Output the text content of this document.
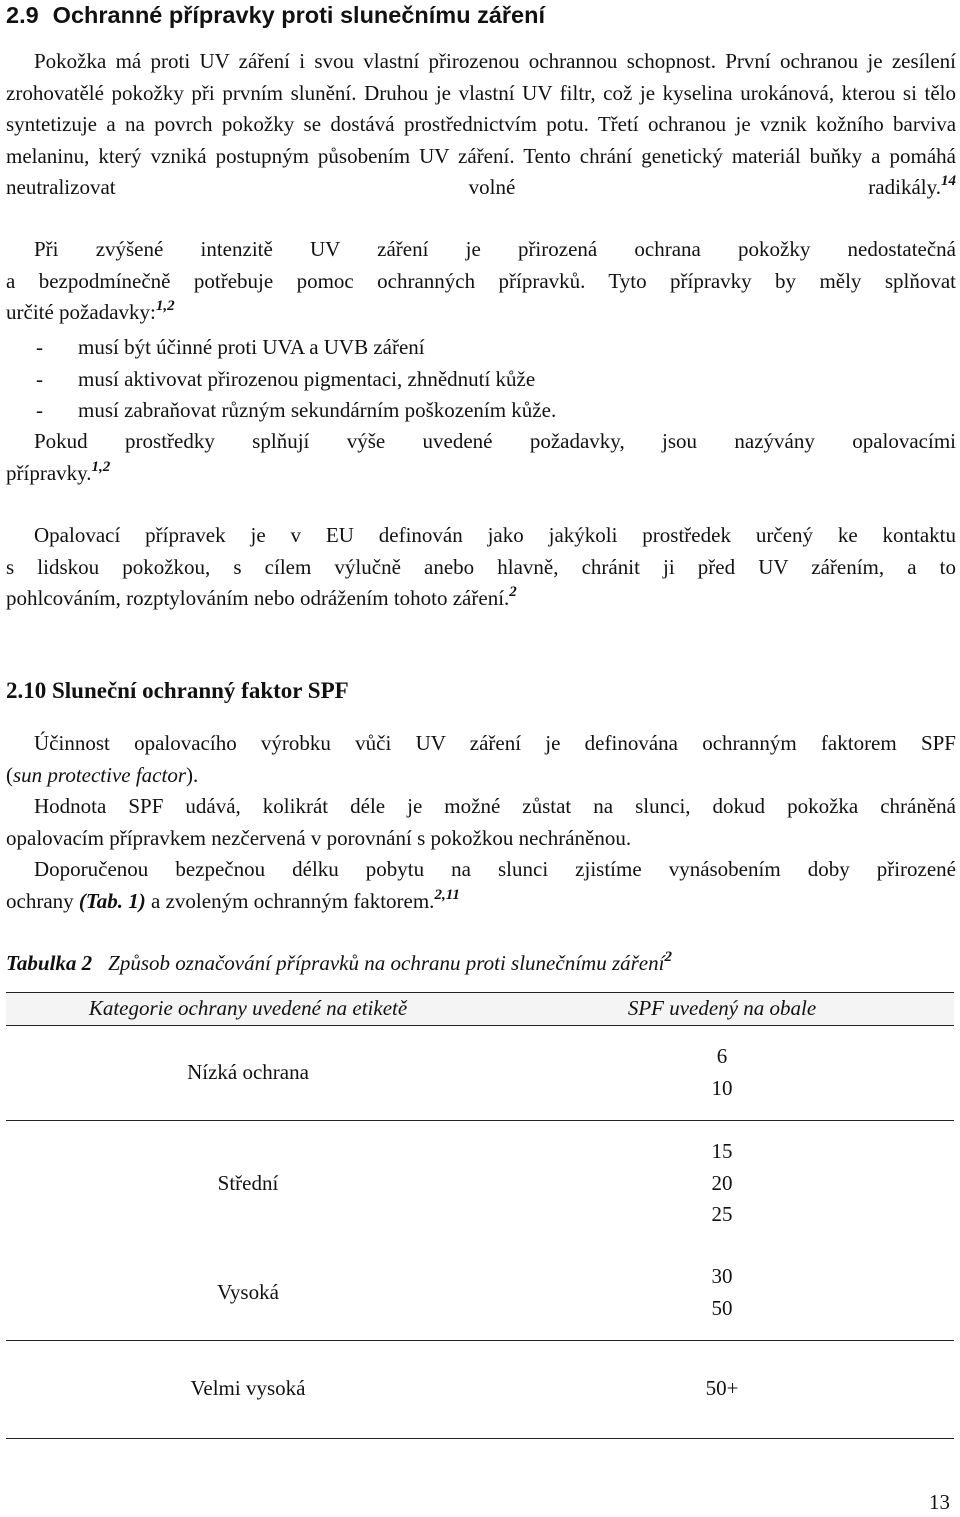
2.9 Ochranné přípravky proti slunečnímu záření
Pokožka má proti UV záření i svou vlastní přirozenou ochrannou schopnost. První ochranou je zesílení zrohovatělé pokožky při prvním slunění. Druhou je vlastní UV filtr, což je kyselina urokánová, kterou si tělo syntetizuje a na povrch pokožky se dostává prostřednictvím potu. Třetí ochranou je vznik kožního barviva melaninu, který vzniká postupným působením UV záření. Tento chrání genetický materiál buňky a pomáhá neutralizovat volné radikály.$^{14}$
Při zvýšené intenzitě UV záření je přirozená ochrana pokožky nedostatečná
a bezpodmínečně potřebuje pomoc ochranných přípravků. Tyto přípravky by měly splňovat
určité požadavky:$^{1,2}$
- musí být účinné proti UVA a UVB záření
- musí aktivovat přirozenou pigmentaci, zhnědnutí kůže
- musí zabraňovat různým sekundárním poškozením kůže.
Pokud prostředky splňují výše uvedené požadavky, jsou nazývány opalovacími
přípravky.$^{1,2}$
Opalovací přípravek je v EU definován jako jakýkoli prostředek určený ke kontaktu
s lidskou pokožkou, s cílem výlučně anebo hlavně, chránit ji před UV zářením, a to
pohlcováním, rozptylováním nebo odrážením tohoto záření.$^2$
2.10 Sluneční ochranný faktor SPF
Účinnost opalovacího výrobku vůči UV záření je definována ochranným faktorem SPF
(sun protective factor).
Hodnota SPF udává, kolikrát déle je možné zůstat na slunci, dokud pokožka chráněná
opalovacím přípravkem nezčervená v porovnání s pokožkou nechráněnou.
Doporučenou bezpečnou délku pobytu na slunci zjistíme vynásobením doby přirozené
ochrany (Tab. 1) a zvoleným ochranným faktorem.$^{2,11}$
Tabulka 2 Způsob označování přípravků na ochranu proti slunečnímu záření$^2$
Kategorie ochrany uvedené na etiketě	SPF uvedený na obale
Nízká ochrana	6
10

Střední	15
20
25

Vysoká	30
50

Velmi vysoká	50+
13
